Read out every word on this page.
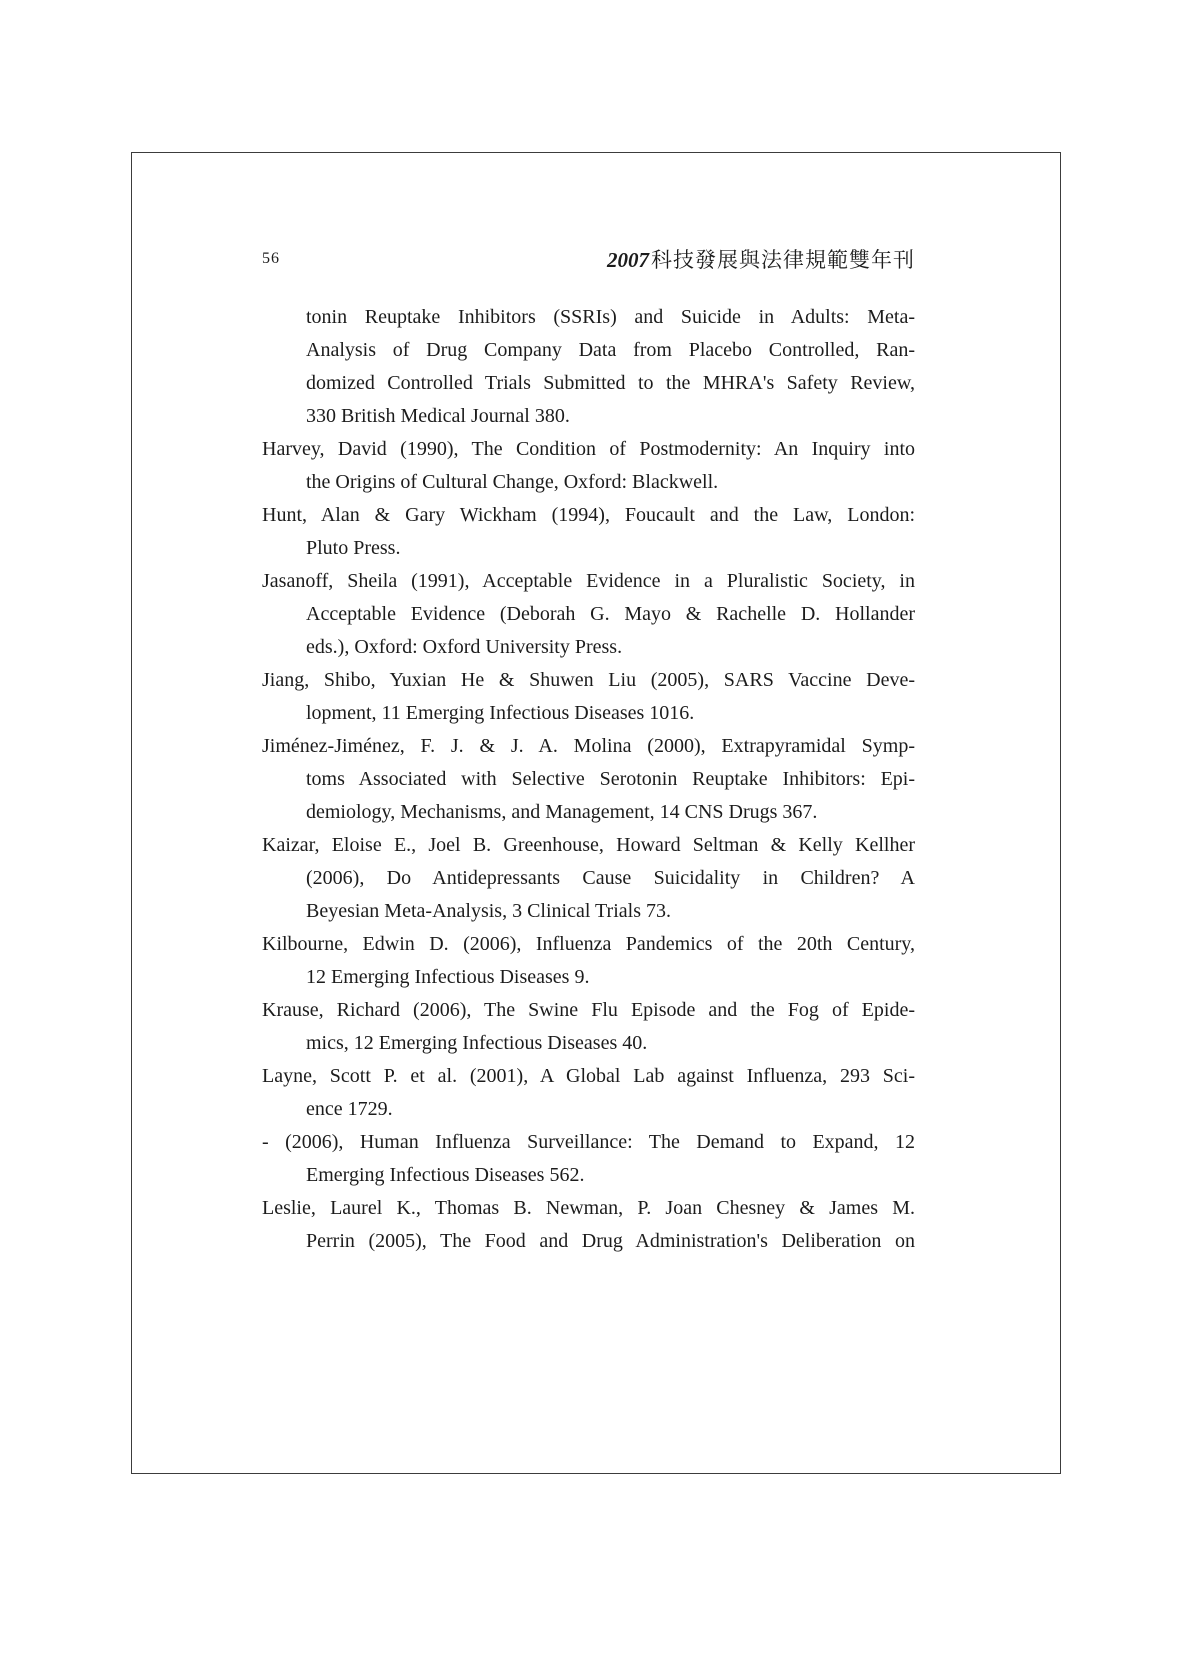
56	2007科技發展與法律規範雙年刊
tonin Reuptake Inhibitors (SSRIs) and Suicide in Adults: Meta-
Analysis of Drug Company Data from Placebo Controlled, Ran-
domized Controlled Trials Submitted to the MHRA's Safety Review,
330 British Medical Journal 380.
Harvey, David (1990), The Condition of Postmodernity: An Inquiry into
the Origins of Cultural Change, Oxford: Blackwell.
Hunt, Alan & Gary Wickham (1994), Foucault and the Law, London:
Pluto Press.
Jasanoff, Sheila (1991), Acceptable Evidence in a Pluralistic Society, in
Acceptable Evidence (Deborah G. Mayo & Rachelle D. Hollander
eds.), Oxford: Oxford University Press.
Jiang, Shibo, Yuxian He & Shuwen Liu (2005), SARS Vaccine Deve-
lopment, 11 Emerging Infectious Diseases 1016.
Jiménez-Jiménez, F. J. & J. A. Molina (2000), Extrapyramidal Symp-
toms Associated with Selective Serotonin Reuptake Inhibitors: Epi-
demiology, Mechanisms, and Management, 14 CNS Drugs 367.
Kaizar, Eloise E., Joel B. Greenhouse, Howard Seltman & Kelly Kellher
(2006), Do Antidepressants Cause Suicidality in Children? A
Beyesian Meta-Analysis, 3 Clinical Trials 73.
Kilbourne, Edwin D. (2006), Influenza Pandemics of the 20th Century,
12 Emerging Infectious Diseases 9.
Krause, Richard (2006), The Swine Flu Episode and the Fog of Epide-
mics, 12 Emerging Infectious Diseases 40.
Layne, Scott P. et al. (2001), A Global Lab against Influenza, 293 Sci-
ence 1729.
- (2006), Human Influenza Surveillance: The Demand to Expand, 12
Emerging Infectious Diseases 562.
Leslie, Laurel K., Thomas B. Newman, P. Joan Chesney & James M.
Perrin (2005), The Food and Drug Administration's Deliberation on
